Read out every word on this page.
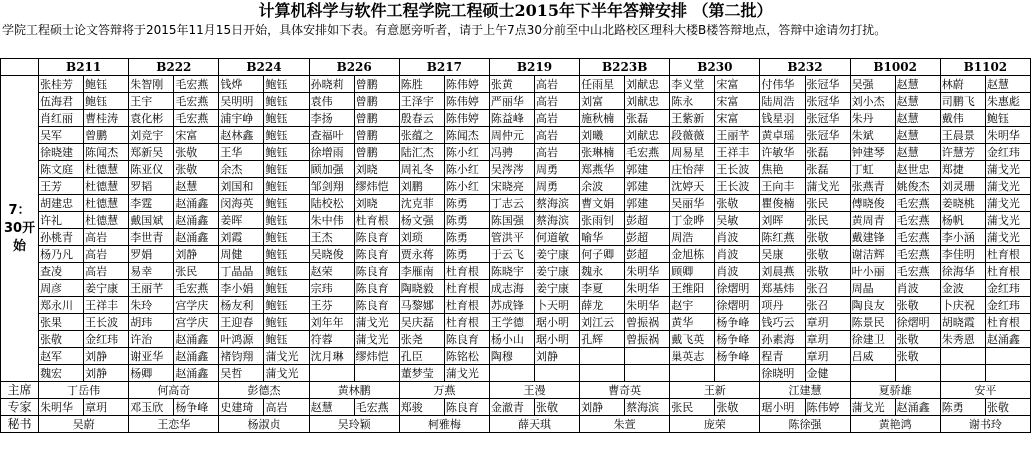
计算机科学与软件工程学院工程硕士2015年下半年答辩安排 （第二批）
学院工程硕士论文答辩将于2015年11月15日开始，具体安排如下表。有意愿旁听者，请于上午7点30分前至中山北路校区理科大楼B楼答辩地点，答辩中途请勿打扰。
	B211		B222		B224		B226		B217		B219		B223B		B230		B232		B1002		B1102	
7：30开始	张桂芳	鲍钰	朱智刚	毛宏燕	钱烨	鲍钰	孙晓莉	曾鹏	陈胜	陈伟婷	张黄	高岩	任雨星	刘献忠	李义堂	宋富	付伟华	张冠华	吴强	赵慧	林蔚	赵慧
	伍海君	鲍钰	王宇	毛宏燕	吴明明	鲍钰	袁伟	曾鹏	王泽宇	陈伟婷	严丽华	高岩	刘富	刘献忠	陈永	宋富	陆周浩	张冠华	刘小杰	赵慧	司鹏飞	朱惠彪
	肖红丽	曹桂涛	袁化彬	毛宏燕	浦宇峥	鲍钰	李扬	曾鹏	殷春云	陈伟婷	陈益峰	高岩	施秋楠	张磊	王紫新	宋富	钱星羽	张冠华	朱丹	赵慧	戴伟	鲍钰
	吴军	曾鹏	刘竞宇	宋富	赵林鑫	鲍钰	查福叶	曾鹏	张蕴之	陈闻杰	周仲元	高岩	刘曦	刘献忠	段薇薇	王丽芊	黄卓瑶	张冠华	朱斌	赵慧	王晨景	朱明华
	徐晓建	陈闻杰	郑新吴	张敬	王华	鲍钰	徐增雨	曾鹏	陆汇杰	陈小红	冯骋	高岩	张琳楠	毛宏燕	周易星	王祥丰	许敏华	张磊	钟建琴	赵慧	许慧芳	金红玮
	陈文庭	杜德慧	陈亚仪	张敬	余杰	鲍钰	顾加强	刘晓	周礼冬	陈小红	吴涔涔	周勇	郑燕华	郭建	庄怡萍	王长波	焦艳	张磊	丁虹	赵世忠	郑捷	蒲戈光
	王芳	杜德慧	罗韬	赵慧	刘国和	鲍钰	邹剑翔	缪炜恺	刘鹏	陈小红	宋晓亮	周勇	余波	郭建	沈婷天	王长波	王向丰	蒲戈光	张燕青	姚俊杰	刘灵珊	蒲戈光
	胡建忠	杜德慧	李霆	赵涌鑫	闵海英	鲍钰	陆校松	刘晓	沈克菲	陈勇	丁志云	蔡海滨	曹文娟	郭建	吴丽华	张敬	瞿俊楠	张民	傅晓俊	毛宏燕	姜晓桃	蒲戈光
	许礼	杜德慧	戴国斌	赵涌鑫	姜晖	鲍钰	朱中伟	杜育根	杨文强	陈勇	陈国强	蔡海滨	张雨钊	彭超	丁金晔	吴敏	刘晖	张民	黄周青	毛宏燕	杨帆	蒲戈光
	孙桃青	高岩	李世青	赵涌鑫	刘霞	鲍钰	王杰	陈良育	刘琐	陈勇	管洪平	何道敏	喻华	彭超	周浩	肖波	陈红燕	张敬	戴建锋	毛宏燕	李小涵	蒲戈光
	杨乃凡	高岩	罗娟	刘静	周健	鲍钰	吴晓俊	陈良育	贾永蒋	陈勇	于云飞	姜宁康	何子卿	彭超	金旭栋	肖波	吴康	张敬	谢洁辉	毛宏燕	李佳明	杜育根
	查凌	高岩	易幸	张民	丁晶晶	鲍钰	赵荣	陈良育	李雁南	杜育根	陈晓宇	姜宁康	魏永	朱明华	顾卿	肖波	刘晨燕	张敬	叶小丽	毛宏燕	徐海华	杜育根
	周彦	姜宁康	王丽芊	毛宏燕	李小娟	鲍钰	宗玮	陈良育	陶晓毅	杜育根	成志海	姜宁康	李夏	朱明华	王维阳	徐熠明	郑基炜	张召	周晶	肖波	金波	金红玮
	郑永川	王祥丰	朱玲	宫学庆	杨友利	鲍钰	王芬	陈良育	马黎娜	杜育根	苏成锋	卜天明	薛龙	朱明华	赵宇	徐熠明	项丹	张召	陶良友	张敬	卜庆祝	金红玮
	张果	王长波	胡玮	宫学庆	王迎春	鲍钰	刘年年	蒲戈光	吴庆磊	杜育根	王学德	琚小明	刘江云	曾振祸	黄华	杨争峰	钱巧云	章玥	陈景民	徐熠明	胡晓霞	杜育根
	张敬	金红玮	许治	赵涌鑫	叶鸿源	鲍钰	符蓉	蒲戈光	张尧	陈良育	杨小山	琚小明	孔辉	曾振祸	戴飞英	杨争峰	孙素海	章玥	徐建卫	张敬	朱秀恩	赵涌鑫
	赵军	刘静	谢亚华	赵涌鑫	褚钧翔	蒲戈光	沈月琳	缪炜恺	孔臣	陈铭松	陶穆	刘静			巢英志	杨争峰	程青	章玥	吕威	张敬		
	魏宏	刘静	杨卿	赵涌鑫	吴哲	蒲戈光			董梦莹	蒲戈光							徐晓明	金健				
主席	丁岳伟		何高奇		彭德杰		黄林鹏		万燕		王漫		曹奇英		王新		江建慧		夏骄雄		安平	
专家	朱明华	章玥	邓玉欣	杨争峰	史建琦	高岩	赵慧	毛宏燕	郑骏	陈良育	金澈青	张敬	刘静	蔡海滨	张民	张敬	琚小明	陈伟婷	蒲戈光	赵涌鑫	陈勇	张敬
秘书	吴蔚		王恋华		杨淑贞		吴玲颖		柯雅梅		薛天琪		朱萱		庞荣		陈徐强		黄艳鸿		谢书玲	
